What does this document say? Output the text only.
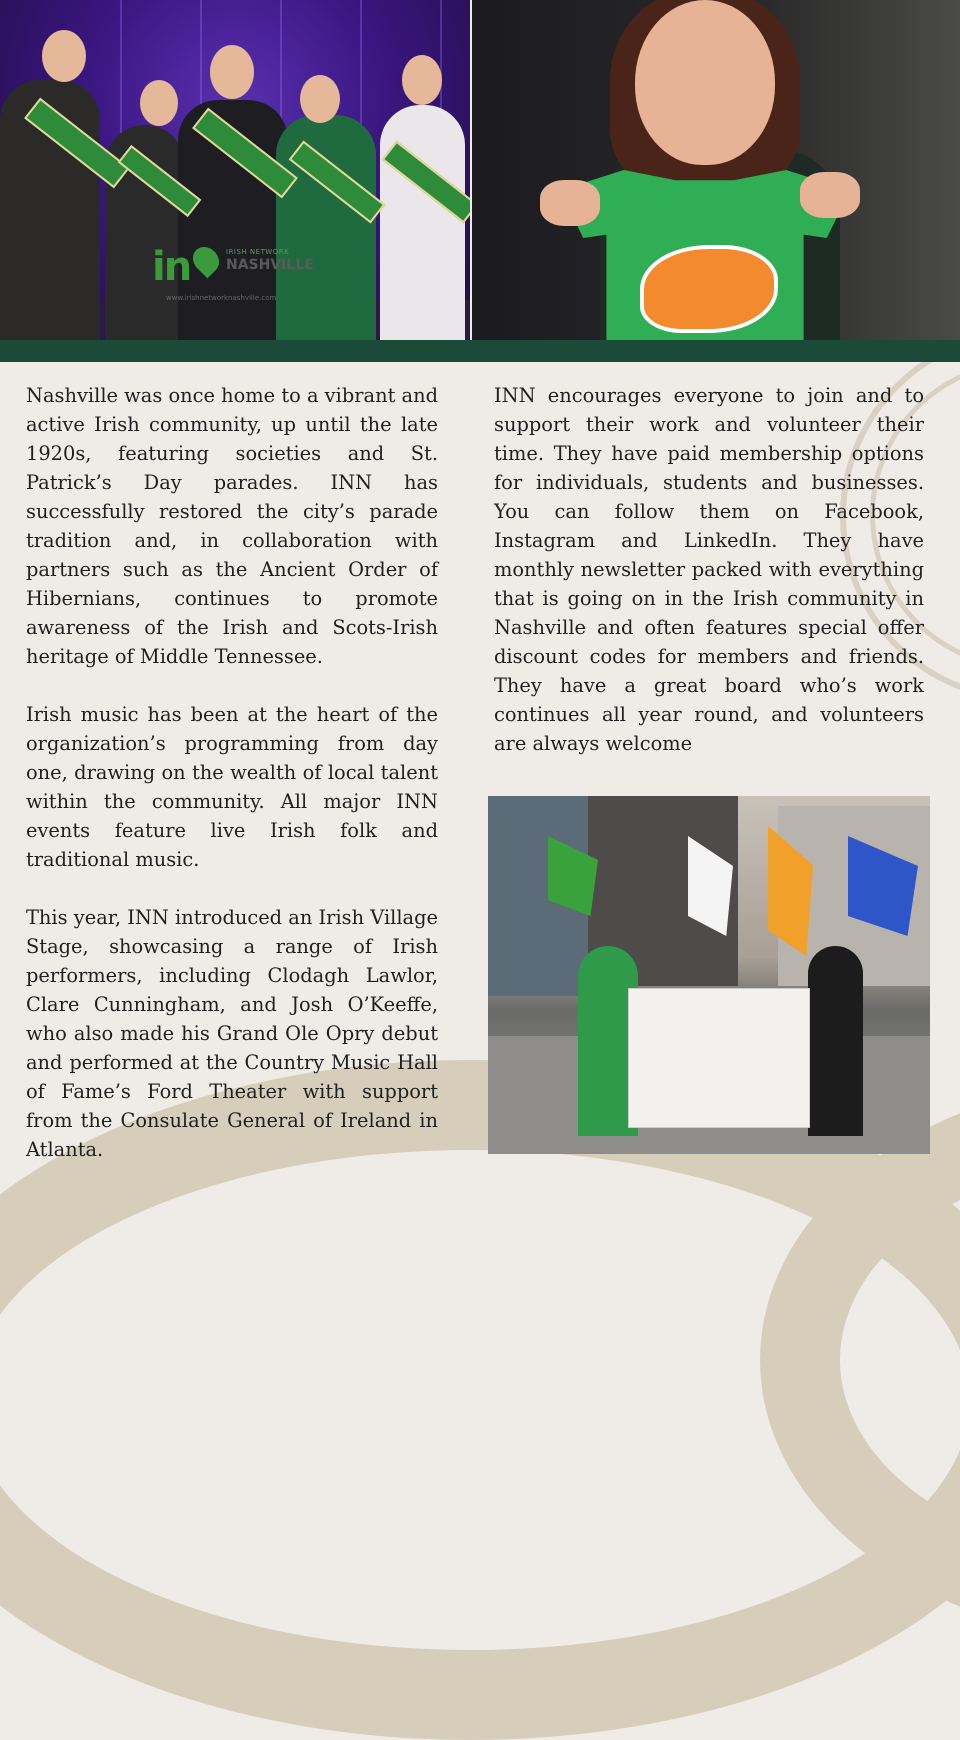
Nashville was once home to a vibrant and active Irish community, up until the late 1920s, featuring societies and St. Patrick’s Day parades. INN has successfully restored the city’s parade tradition and, in collaboration with partners such as the Ancient Order of Hibernians, continues to promote awareness of the Irish and Scots-Irish heritage of Middle Tennessee.

Irish music has been at the heart of the organization’s programming from day one, drawing on the wealth of local talent within the community. All major INN events feature live Irish folk and traditional music.

This year, INN introduced an Irish Village Stage, showcasing a range of Irish performers, including Clodagh Lawlor, Clare Cunningham, and Josh O’Keeffe, who also made his Grand Ole Opry debut and performed at the Country Music Hall of Fame’s Ford Theater with support from the Consulate General of Ireland in Atlanta.

INN encourages everyone to join and to support their work and volunteer their time. They have paid membership options for individuals, students and businesses. You can follow them on Facebook, Instagram and LinkedIn. They have monthly newsletter packed with everything that is going on in the Irish community in Nashville and often features special offer discount codes for members and friends. They have a great board who’s work continues all year round, and volunteers are always welcome

in	IRISH NETWORK
NASHVILLE
www.irishnetworknashville.com
